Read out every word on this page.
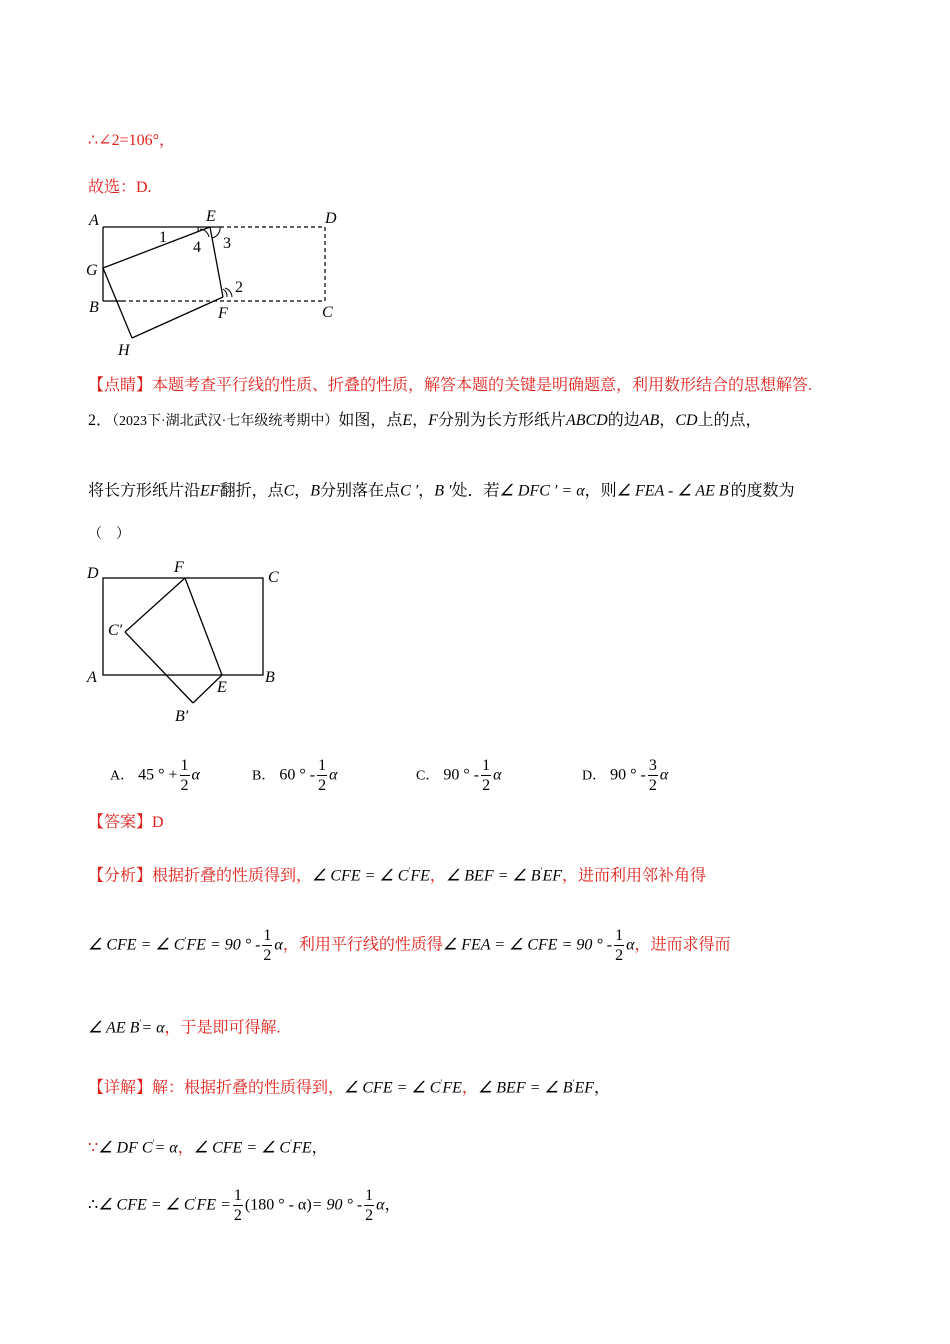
∴∠2=106°，
故选：D.
A	E	D
G
B	F	C
H
1
4 3
2
【点睛】本题考查平行线的性质、折叠的性质，解答本题的关键是明确题意，利用数形结合的思想解答.
2．（2023下·湖北武汉·七年级统考期中）如图，点E，F分别为长方形纸片ABCD的边AB，CD上的点，
将长方形纸片沿EF翻折，点C，B分别落在点C ′，B ′处．若∠ DFC ′ = α，则∠ FEA - ∠ AE B′的度数为
（　）
D	F
C
C′
A
E
B
B′
A． 45 ° + $\frac{1}{2}$ α	B． 60 ° - $\frac{1}{2}$ α	C． 90 ° - $\frac{1}{2}$ α	D． 90 ° - $\frac{3}{2}$ α
【答案】D
【分析】根据折叠的性质得到，∠ CFE = ∠ C′FE，∠ BEF = ∠ B′EF，进而利用邻补角得
∠ CFE = ∠ C′FE = 90 ° - $\frac{1}{2}$ α，利用平行线的性质得∠ FEA = ∠ CFE = 90 ° - $\frac{1}{2}$ α，进而求得而
∠ AE B′= α，于是即可得解.
【详解】解：根据折叠的性质得到，∠ CFE = ∠ C′FE，∠ BEF = ∠ B′EF，
∵∠ DF C′= α，∠ CFE = ∠ C′FE，
∴∠ CFE = ∠ $C'FE = \frac{1}{2} (180$ ° - α)= 90 ° - $\frac{1}{2}$ α，
